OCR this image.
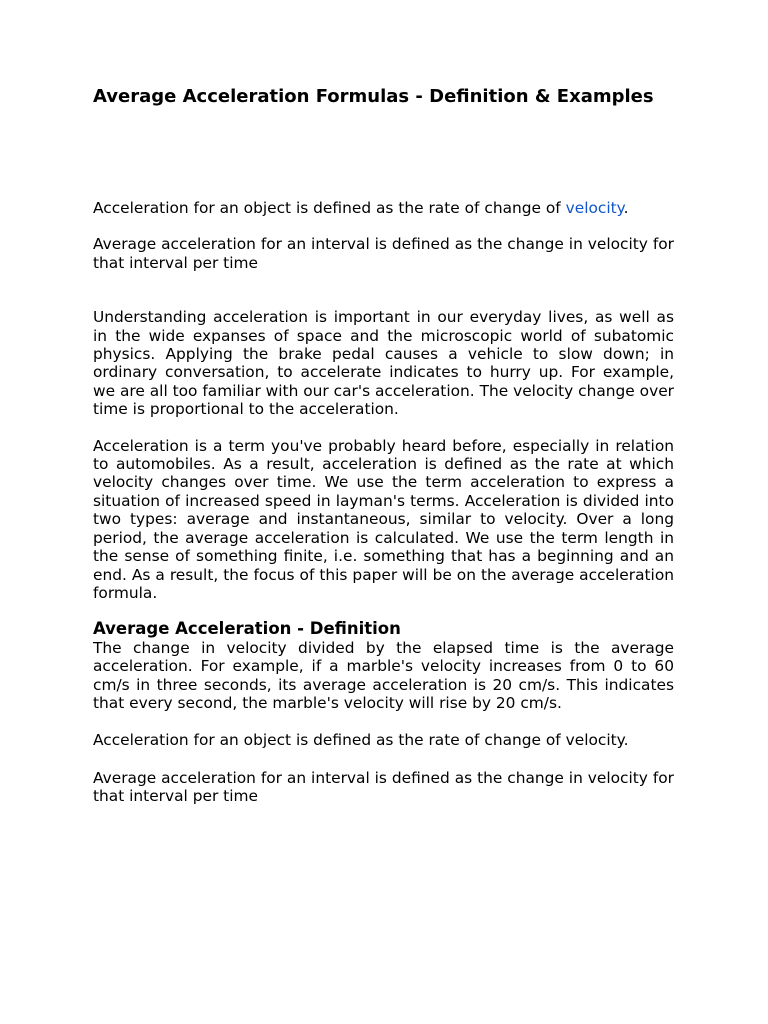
Average Acceleration Formulas - Definition & Examples

Acceleration for an object is defined as the rate of change of velocity.

Average acceleration for an interval is defined as the change in velocity for that interval per time

Understanding acceleration is important in our everyday lives, as well as in the wide expanses of space and the microscopic world of subatomic physics. Applying the brake pedal causes a vehicle to slow down; in ordinary conversation, to accelerate indicates to hurry up. For example, we are all too familiar with our car's acceleration. The velocity change over time is proportional to the acceleration.

Acceleration is a term you've probably heard before, especially in relation to automobiles. As a result, acceleration is defined as the rate at which velocity changes over time. We use the term acceleration to express a situation of increased speed in layman's terms. Acceleration is divided into two types: average and instantaneous, similar to velocity. Over a long period, the average acceleration is calculated. We use the term length in the sense of something finite, i.e. something that has a beginning and an end. As a result, the focus of this paper will be on the average acceleration formula.

Average Acceleration - Definition

The change in velocity divided by the elapsed time is the average acceleration. For example, if a marble's velocity increases from 0 to 60 cm/s in three seconds, its average acceleration is 20 cm/s. This indicates that every second, the marble's velocity will rise by 20 cm/s.

Acceleration for an object is defined as the rate of change of velocity.

Average acceleration for an interval is defined as the change in velocity for that interval per time
